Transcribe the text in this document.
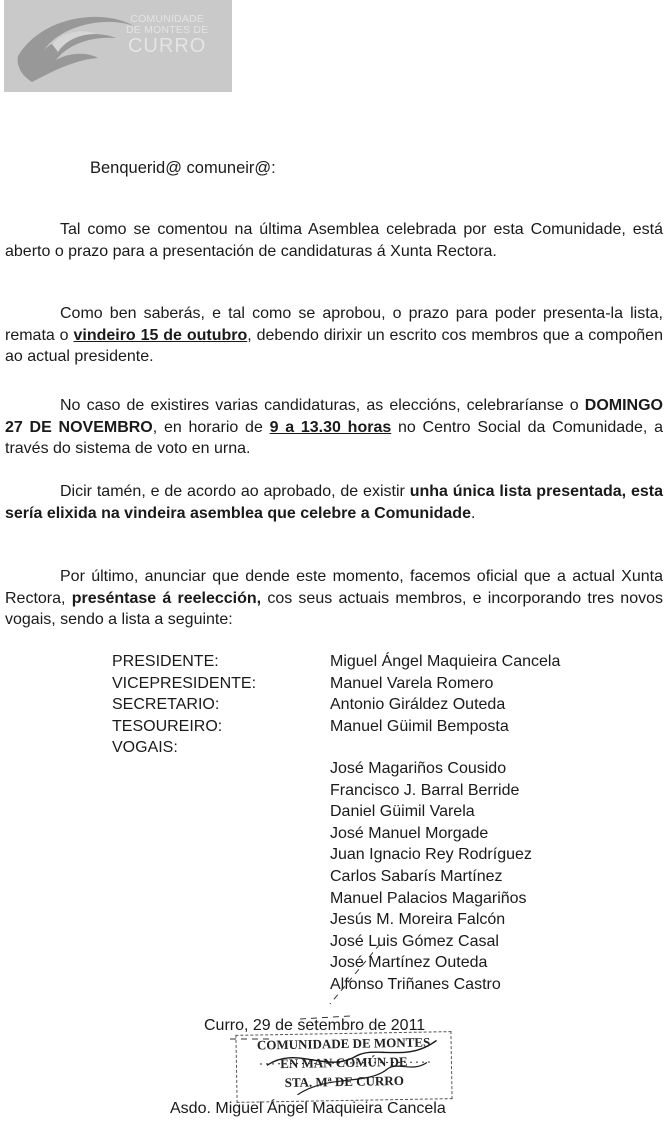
COMUNIDADE
DE MONTES DE
CURRO
Benquerid@ comuneir@:

Tal como se comentou na última Asemblea celebrada por esta Comunidade, está aberto o prazo para a presentación de candidaturas á Xunta Rectora.

Como ben saberás, e tal como se aprobou, o prazo para poder presenta-la lista, remata o vindeiro 15 de outubro, debendo dirixir un escrito cos membros que a compoñen ao actual presidente.

No caso de existires varias candidaturas, as eleccións, celebraríanse o DOMINGO 27 DE NOVEMBRO, en horario de 9 a 13.30 horas no Centro Social da Comunidade, a través do sistema de voto en urna.

Dicir tamén, e de acordo ao aprobado, de existir unha única lista presentada, esta sería elixida na vindeira asemblea que celebre a Comunidade.

Por último, anunciar que dende este momento, facemos oficial que a actual Xunta Rectora, preséntase á reelección, cos seus actuais membros, e incorporando tres novos vogais, sendo a lista a seguinte:

PRESIDENTE:	Miguel Ángel Maquieira Cancela
VICEPRESIDENTE:	Manuel Varela Romero
SECRETARIO:	Antonio Giráldez Outeda
TESOUREIRO:	Manuel Güimil Bemposta
VOGAIS:
José Magariños Cousido
Francisco J. Barral Berride
Daniel Güimil Varela
José Manuel Morgade
Juan Ignacio Rey Rodríguez
Carlos Sabarís Martínez
Manuel Palacios Magariños
Jesús M. Moreira Falcón
José Luis Gómez Casal
José Martínez Outeda
Alfonso Triñanes Castro
Curro, 29 de setembro de 2011
COMUNIDADE DE MONTES
EN MAN COMÚN DE
STA. Mª DE CURRO
Asdo. Miguel Ángel Maquieira Cancela
